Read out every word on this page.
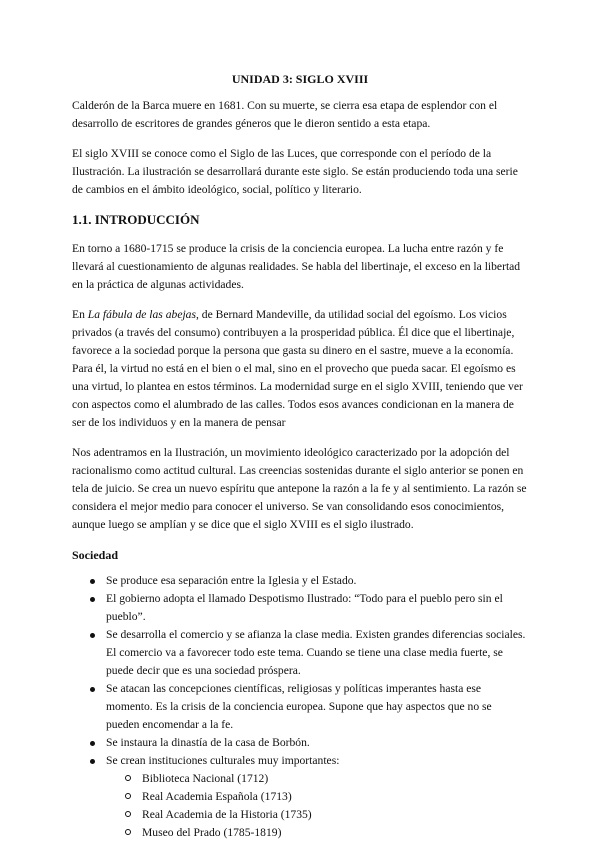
UNIDAD 3: SIGLO XVIII

Calderón de la Barca muere en 1681. Con su muerte, se cierra esa etapa de esplendor con el desarrollo de escritores de grandes géneros que le dieron sentido a esta etapa.

El siglo XVIII se conoce como el Siglo de las Luces, que corresponde con el período de la Ilustración. La ilustración se desarrollará durante este siglo. Se están produciendo toda una serie de cambios en el ámbito ideológico, social, político y literario.

1.1. INTRODUCCIÓN

En torno a 1680-1715 se produce la crisis de la conciencia europea. La lucha entre razón y fe llevará al cuestionamiento de algunas realidades. Se habla del libertinaje, el exceso en la libertad en la práctica de algunas actividades.

En La fábula de las abejas, de Bernard Mandeville, da utilidad social del egoísmo. Los vicios privados (a través del consumo) contribuyen a la prosperidad pública. Él dice que el libertinaje, favorece a la sociedad porque la persona que gasta su dinero en el sastre, mueve a la economía. Para él, la virtud no está en el bien o el mal, sino en el provecho que pueda sacar. El egoísmo es una virtud, lo plantea en estos términos. La modernidad surge en el siglo XVIII, teniendo que ver con aspectos como el alumbrado de las calles. Todos esos avances condicionan en la manera de ser de los individuos y en la manera de pensar

Nos adentramos en la Ilustración, un movimiento ideológico caracterizado por la adopción del racionalismo como actitud cultural. Las creencias sostenidas durante el siglo anterior se ponen en tela de juicio. Se crea un nuevo espíritu que antepone la razón a la fe y al sentimiento. La razón se considera el mejor medio para conocer el universo. Se van consolidando esos conocimientos, aunque luego se amplían y se dice que el siglo XVIII es el siglo ilustrado.

Sociedad
Se produce esa separación entre la Iglesia y el Estado.
El gobierno adopta el llamado Despotismo Ilustrado: “Todo para el pueblo pero sin el pueblo”.
Se desarrolla el comercio y se afianza la clase media. Existen grandes diferencias sociales. El comercio va a favorecer todo este tema. Cuando se tiene una clase media fuerte, se puede decir que es una sociedad próspera.
Se atacan las concepciones científicas, religiosas y políticas imperantes hasta ese momento. Es la crisis de la conciencia europea. Supone que hay aspectos que no se pueden encomendar a la fe.
Se instaura la dinastía de la casa de Borbón.
Se crean instituciones culturales muy importantes:
Biblioteca Nacional (1712)
Real Academia Española (1713)
Real Academia de la Historia (1735)
Museo del Prado (1785-1819)
